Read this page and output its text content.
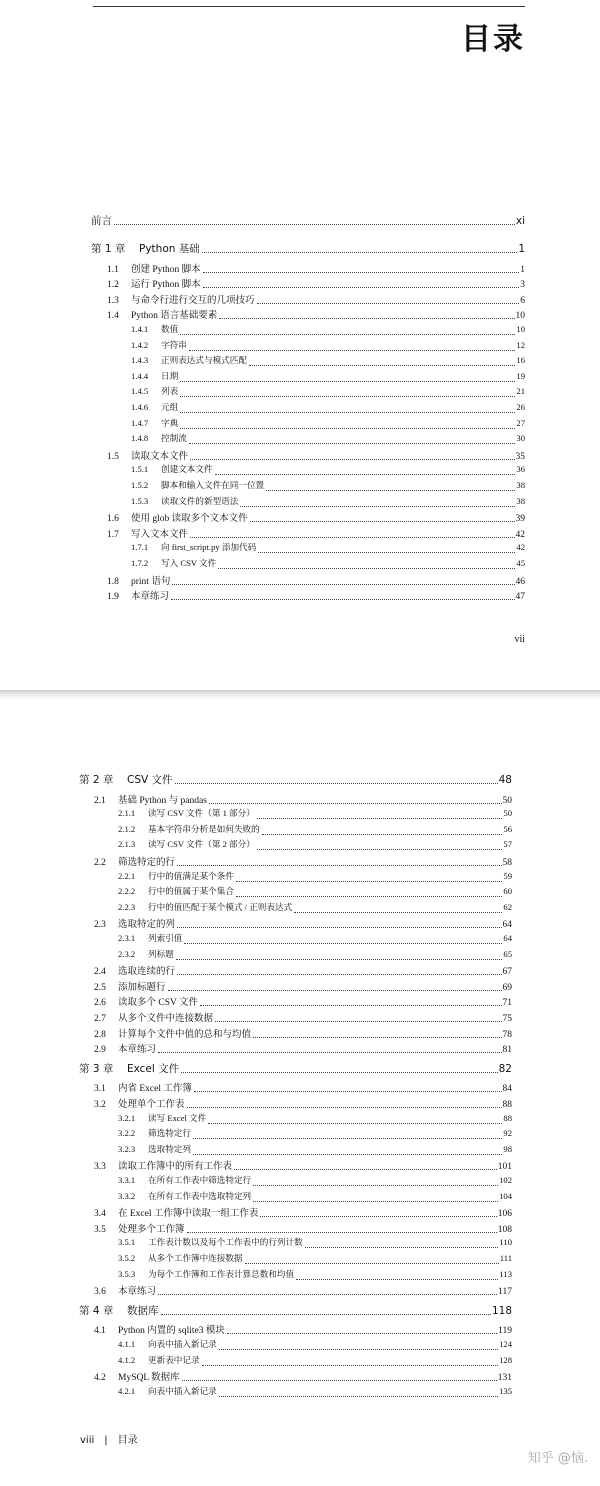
目录
前言	xi
第 1 章	Python 基础	1
1.1	创建 Python 脚本	1
1.2	运行 Python 脚本	3
1.3	与命令行进行交互的几项技巧	6
1.4	Python 语言基础要素	10
1.4.1	数值	10
1.4.2	字符串	12
1.4.3	正则表达式与模式匹配	16
1.4.4	日期	19
1.4.5	列表	21
1.4.6	元组	26
1.4.7	字典	27
1.4.8	控制流	30
1.5	读取文本文件	35
1.5.1	创建文本文件	36
1.5.2	脚本和输入文件在同一位置	38
1.5.3	读取文件的新型语法	38
1.6	使用 glob 读取多个文本文件	39
1.7	写入文本文件	42
1.7.1	向 first_script.py 添加代码	42
1.7.2	写入 CSV 文件	45
1.8	print 语句	46
1.9	本章练习	47
vii
第 2 章	CSV 文件	48
2.1	基础 Python 与 pandas	50
2.1.1	读写 CSV 文件（第 1 部分）	50
2.1.2	基本字符串分析是如何失败的	56
2.1.3	读写 CSV 文件（第 2 部分）	57
2.2	筛选特定的行	58
2.2.1	行中的值满足某个条件	59
2.2.2	行中的值属于某个集合	60
2.2.3	行中的值匹配于某个模式 / 正则表达式	62
2.3	选取特定的列	64
2.3.1	列索引值	64
2.3.2	列标题	65
2.4	选取连续的行	67
2.5	添加标题行	69
2.6	读取多个 CSV 文件	71
2.7	从多个文件中连接数据	75
2.8	计算每个文件中值的总和与均值	78
2.9	本章练习	81
第 3 章	Excel 文件	82
3.1	内省 Excel 工作簿	84
3.2	处理单个工作表	88
3.2.1	读写 Excel 文件	88
3.2.2	筛选特定行	92
3.2.3	选取特定列	98
3.3	读取工作簿中的所有工作表	101
3.3.1	在所有工作表中筛选特定行	102
3.3.2	在所有工作表中选取特定列	104
3.4	在 Excel 工作簿中读取一组工作表	106
3.5	处理多个工作簿	108
3.5.1	工作表计数以及每个工作表中的行列计数	110
3.5.2	从多个工作簿中连接数据	111
3.5.3	为每个工作簿和工作表计算总数和均值	113
3.6	本章练习	117
第 4 章	数据库	118
4.1	Python 内置的 sqlite3 模块	119
4.1.1	向表中插入新记录	124
4.1.2	更新表中记录	128
4.2	MySQL 数据库	131
4.2.1	向表中插入新记录	135
viii | 目录
知乎 @恼.
